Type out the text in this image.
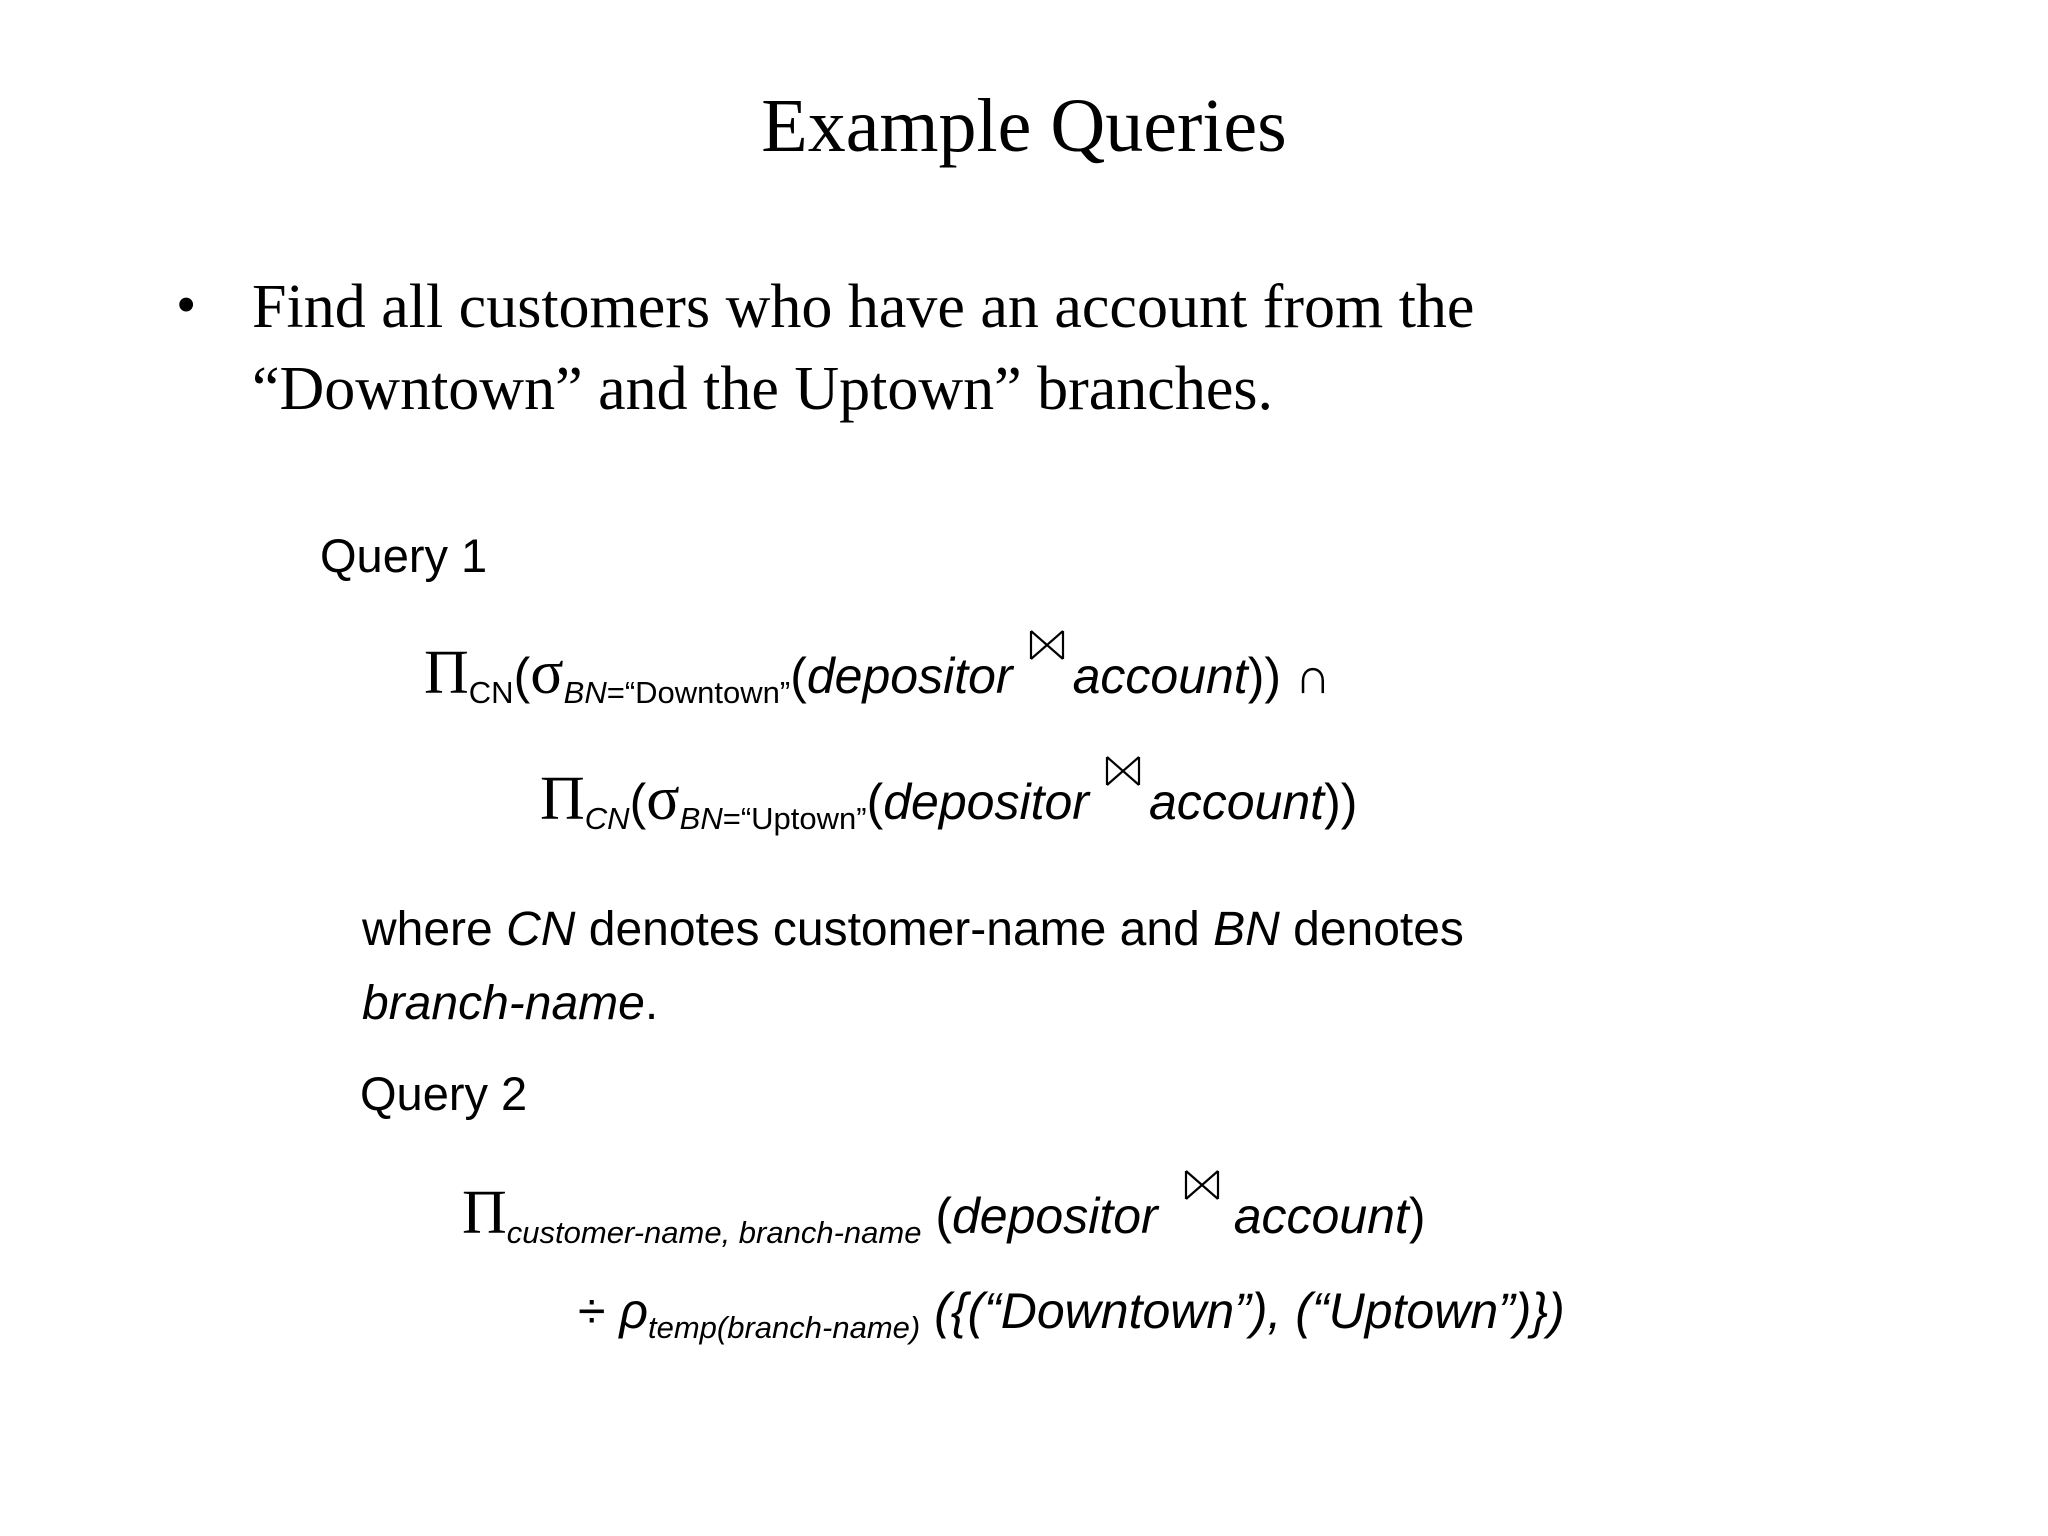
Example Queries
• Find all customers who have an account from the
“Downtown” and the Uptown” branches.
Query 1
$\Pi_{CN}(\sigma_{BN=“Downtown”}(depositor$ account)) ∩
$\Pi_{CN}(\sigma_{BN=“Uptown”}(depositor$ account))
where CN denotes customer-name and BN denotes
branch-name.
Query 2
$\Pi_{customer-name, branch-name}$ (depositor account)
÷ $\rho_{temp(branch-name)}$ ({(“Downtown”), (“Uptown”)})
